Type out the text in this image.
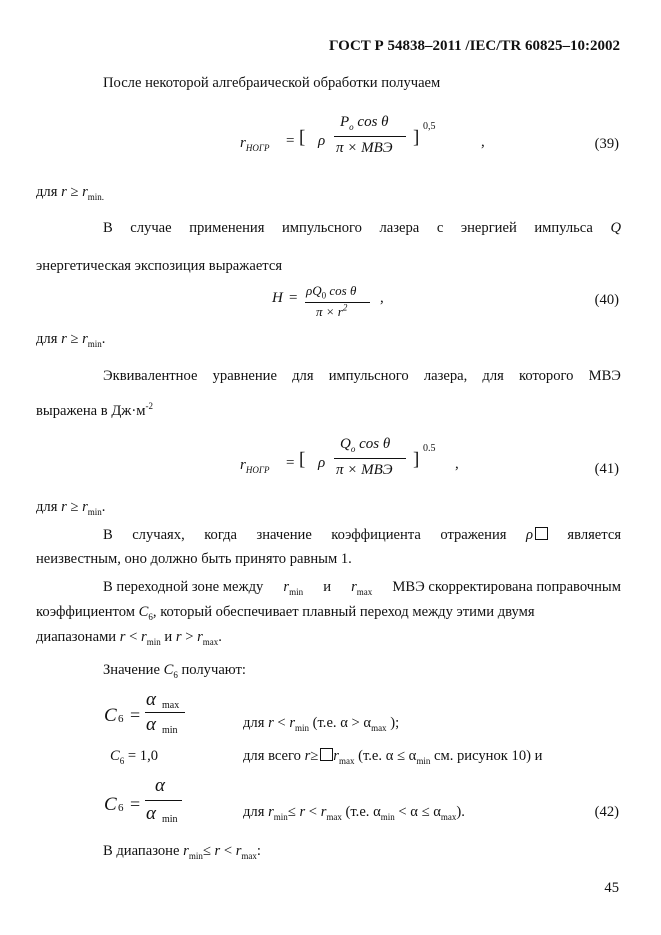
ГОСТ Р 54838–2011 /IEC/TR 60825–10:2002
После некоторой алгебраической обработки получаем
$r_{НОГР}$ = [ ρ
$P_o$ cos θ
π × МВЭ ]
0,5
,	(39)
для $r \ge r_{min.}$
В случае применения импульсного лазера с энергией импульса Q
энергетическая экспозиция выражается
$H = \rho Q_0$ cos θ
$\pi \times r^2$
,	(40)
для $r \ge r_{min}$.
Эквивалентное уравнение для импульсного лазера, для которого МВЭ
выражена в $Дж\cdot м^{-2}$
$r_{НОГР}$ = [ ρ
$Q_o$ cos θ
π × МВЭ ]
0.5
,	(41)
для $r \ge r_{min}$.
В случаях, когда значение коэффициента отражения ρ является
неизвестным, оно должно быть принято равным 1.
В переходной зоне между $r_{min}$ и $r_{max}$ МВЭ скорректирована поправочным
коэффициентом $C_6$, который обеспечивает плавный переход между этими двумя
диапазонами $r < r_{min}$ и $r > r_{max}$.
Значение $C_6$ получают:
C 6 =
α max
α min	для $r < r_{min}$ (т.е. $\alpha > \alpha_{max}$ );
$C_6 = 1,0$	для всего $r\ge r_{max}$ (т.е. $\alpha \le \alpha_{min}$ см. рисунок 10) и
C 6 =
α
α min	для $r_{min}\le r < r_{max}$ (т.е. $\alpha_{min} < \alpha \le \alpha_{max}$).	(42)
В диапазоне $r_{min}\le r < r_{max}$:
45
